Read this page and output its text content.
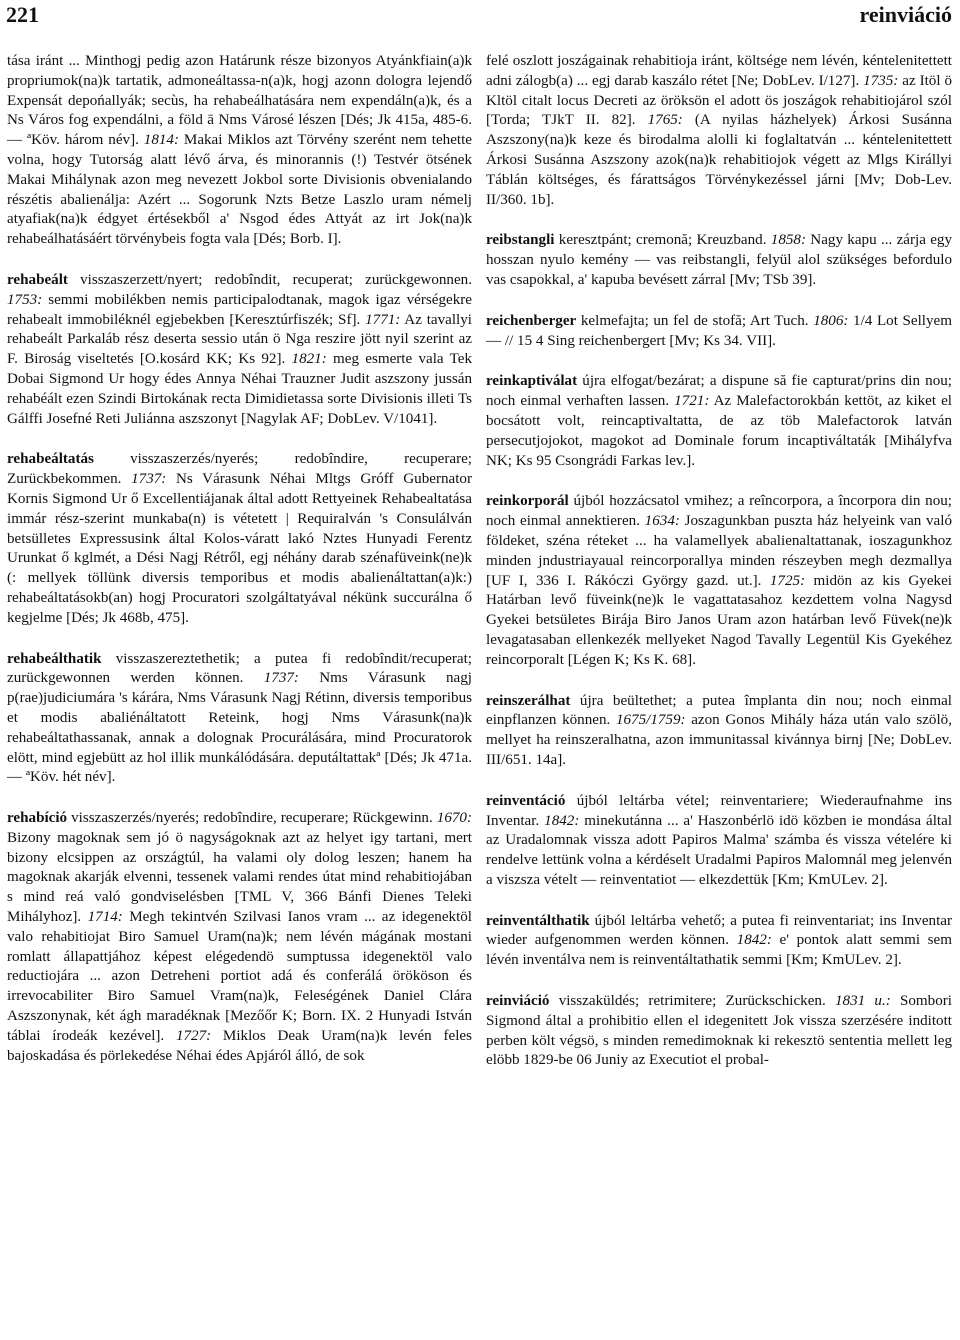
221	reinviáció

tása iránt ... Minthogj pedig azon Határunk része bizonyos Atyánkfiain(a)k propriumok(na)k tartatik, admoneáltassa-n(a)k, hogj azonn dologra lejendő Expensát depońallyák; secùs, ha rehabeálhatására nem expendáln(a)k, és a Ns Város fog expendálni, a föld ā Nms Városé lészen [Dés; Jk 415a, 485-6. — ªKöv. három név]. 1814: Makai Miklos azt Törvény szerént nem tehette volna, hogy Tutorság alatt lévő árva, és minorannis (!) Testvér ötsének Makai Mihálynak azon meg nevezett Jokbol sorte Divisionis obvenialando részétis abalienálja: Azért ... Sogorunk Nzts Betze Laszlo uram némelj atyafiak(na)k édgyet értésekből a' Nsgod édes Attyát az irt Jok(na)k rehabeálhatásáért törvénybeis fogta vala [Dés; Borb. I].

rehabeált visszaszerzett/nyert; redobîndit, recuperat; zurückgewonnen. 1753: semmi mobilékben nemis participalodtanak, magok igaz vérségekre rehabealt immobiléknél egjebekben [Keresztúrfiszék; Sf]. 1771: Az tavallyi rehabeált Parkaláb rész deserta sessio után ö Nga reszire jött nyil szerint az F. Biroság viseltetés [O.kosárd KK; Ks 92]. 1821: meg esmerte vala Tek Dobai Sigmond Ur hogy édes Annya Néhai Trauzner Judit aszszony jussán rehabéált ezen Szindi Birtokának recta Dimidietassa sorte Divisionis illeti Ts Gálffi Josefné Reti Juliánna aszszonyt [Nagylak AF; DobLev. V/1041].

rehabeáltatás visszaszerzés/nyerés; redobîndire, recuperare; Zurückbekommen. 1737: Ns Várasunk Néhai Mltgs Gróff Gubernator Kornis Sigmond Ur ő Excellentiájanak által adott Rettyeinek Rehabealtatása immár rész-szerint munkaba(n) is vétetett | Requiralván 's Consulálván betsülletes Expressusink által Kolos-váratt lakó Nztes Hunyadi Ferentz Urunkat ő kglmét, a Dési Nagj Rétről, egj néhány darab szénafüveink(ne)k (: mellyek töllünk diversis temporibus et modis abalienáltattan(a)k:) rehabeáltatásokb(an) hogj Procuratori szolgáltatyával nékünk succurálna ő kegjelme [Dés; Jk 468b, 475].

rehabeálthatik visszaszereztethetik; a putea fi redobîndit/recuperat; zurückgewonnen werden können. 1737: Nms Várasunk nagj p(rae)judiciumára 's kárára, Nms Várasunk Nagj Rétinn, diversis temporibus et modis abaliénáltatott Reteink, hogj Nms Várasunk(na)k rehabeáltathassanak, annak a dolognak Procurálására, mind Procuratorok elött, mind egjebütt az hol illik munkálódására. deputáltattakª [Dés; Jk 471a. — ªKöv. hét név].

rehabíció visszaszerzés/nyerés; redobîndire, recuperare; Rückgewinn. 1670: Bizony magoknak sem jó ö nagyságoknak azt az helyet igy tartani, mert bizony elcsippen az országtúl, ha valami oly dolog leszen; hanem ha magoknak akarják elvenni, tessenek valami rendes útat mind rehabitiojában s mind reá való gondviselésben [TML V, 366 Bánfi Dienes Teleki Mihályhoz]. 1714: Megh tekintvén Szilvasi Ianos vram ... az idegenektöl valo rehabitiojat Biro Samuel Uram(na)k; nem lévén mágának mostani romlatt állapattjához képest elégedendö sumptussa idegenektöl valo reductiojára ... azon Detreheni portiot adá és conferálá örököson és irrevocabiliter Biro Samuel Vram(na)k, Feleségének Daniel Clára Aszszonynak, két ágh maradéknak [Mezőőr K; Born. IX. 2 Hunyadi István táblai írodeák kezével]. 1727: Miklos Deak Uram(na)k levén feles bajoskadása és pörlekedése Néhai édes Apjáról álló, de sok

felé oszlott joszágainak rehabitioja iránt, költsége nem lévén, kéntelenitettett adni zálogb(a) ... egj darab kaszálo rétet [Ne; DobLev. I/127]. 1735: az Itöl ö Kltöl citalt locus Decreti az öröksön el adott ös joszágok rehabitiojárol szól [Torda; TJkT II. 82]. 1765: (A nyilas házhelyek) Árkosi Susánna Aszszony(na)k keze és birodalma alolli ki foglaltatván ... kéntelenitettett Árkosi Susánna Aszszony azok(na)k rehabitiojok végett az Mlgs Királlyi Táblán költséges, és fárattságos Törvénykezéssel járni [Mv; Dob-Lev. II/360. 1b].

reibstangli keresztpánt; cremonă; Kreuzband. 1858: Nagy kapu ... zárja egy hosszan nyulo kemény — vas reibstangli, felyül alol szükséges befordulo vas csapokkal, a' kapuba bevésett zárral [Mv; TSb 39].

reichenberger kelmefajta; un fel de stofă; Art Tuch. 1806: 1/4 Lot Sellyem — // 15 4 Sing reichenbergert [Mv; Ks 34. VII].

reinkaptiválat újra elfogat/bezárat; a dispune să fie capturat/prins din nou; noch einmal verhaften lassen. 1721: Az Malefactorokbán kettöt, az kiket el bocsátott volt, reincaptivaltatta, de az töb Malefactorok latván persecutjojokot, magokot ad Dominale forum incaptiváltaták [Mihályfva NK; Ks 95 Csongrádi Farkas lev.].

reinkorporál újból hozzácsatol vmihez; a reîncorpora, a încorpora din nou; noch einmal annektieren. 1634: Joszagunkban puszta ház helyeink van való földeket, széna réteket ... ha valamellyek abalienaltattanak, ioszagunkhoz minden jndustriayaual reincorporallya minden részeyben megh dezmallya [UF I, 336 I. Rákóczi György gazd. ut.]. 1725: midön az kis Gyekei Határban levő füveink(ne)k le vagattatasahoz kezdettem volna Nagysd Gyekei betsületes Birája Biro Janos Uram azon határban levő Füvek(ne)k levagatasaban ellenkezék mellyeket Nagod Tavally Legentül Kis Gyekéhez reincorporalt [Légen K; Ks K. 68].

reinszerálhat újra beültethet; a putea împlanta din nou; noch einmal einpflanzen können. 1675/1759: azon Gonos Mihály háza után valo szölö, mellyet ha reinszeralhatna, azon immunitassal kivánnya birnj [Ne; DobLev. III/651. 14a].

reinventáció újból leltárba vétel; reinventariere; Wiederaufnahme ins Inventar. 1842: minekutánna ... a' Haszonbérlö idö közben ie mondása által az Uradalomnak vissza adott Papiros Malma' számba és vissza vételére ki rendelve lettünk volna a kérdéselt Uradalmi Papiros Malomnál meg jelenvén a viszsza vételt — reinventatiot — elkezdettük [Km; KmULev. 2].

reinventálthatik újból leltárba vehető; a putea fi reinventariat; ins Inventar wieder aufgenommen werden können. 1842: e' pontok alatt semmi sem lévén inventálva nem is reinventáltathatik semmi [Km; KmULev. 2].

reinviáció visszaküldés; retrimitere; Zurückschicken. 1831 u.: Sombori Sigmond által a prohibitio ellen el idegenitett Jok vissza szerzésére inditott perben költ végsö, s minden remedimoknak ki rekesztö sententia mellett leg elöbb 1829-be 06 Juniy az Executiot el probal-
